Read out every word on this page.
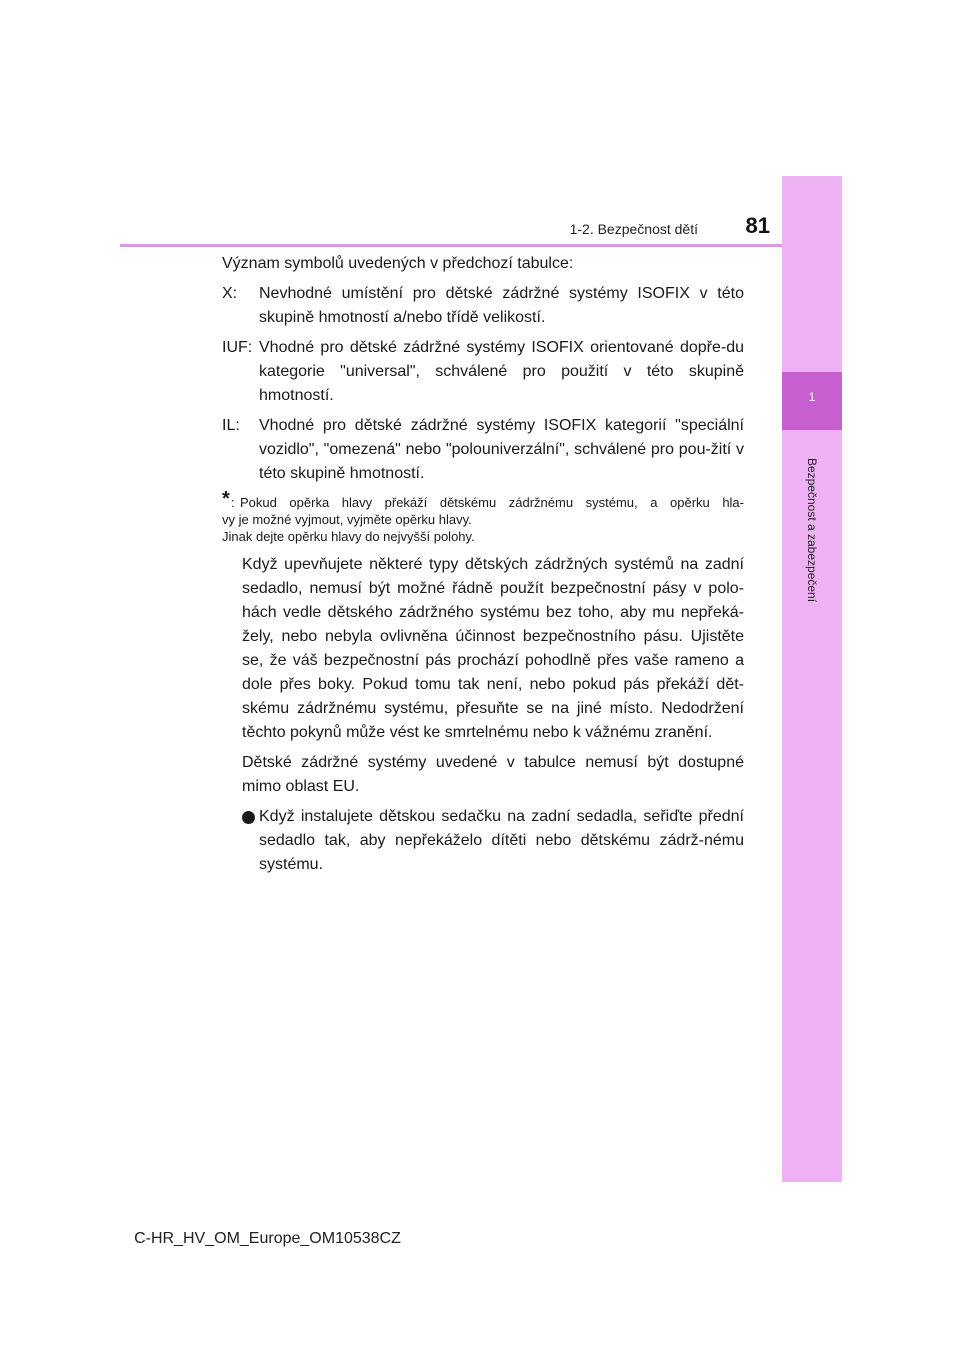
1-2. Bezpečnost dětí 81
1
Bezpečnost a zabezpečení

Význam symbolů uvedených v předchozí tabulce:

X: Nevhodné umístění pro dětské zádržné systémy ISOFIX v této skupině hmotností a/nebo třídě velikostí.
IUF: Vhodné pro dětské zádržné systémy ISOFIX orientované dopře-du kategorie "universal", schválené pro použití v této skupině hmotností.
IL: Vhodné pro dětské zádržné systémy ISOFIX kategorií "speciální vozidlo", "omezená" nebo "polouniverzální", schválené pro pou-žití v této skupině hmotností.
* : Pokud opěrka hlavy překáží dětskému zádržnému systému, a opěrku hla-
vy je možné vyjmout, vyjměte opěrku hlavy.
Jinak dejte opěrku hlavy do nejvyšší polohy.

Když upevňujete některé typy dětských zádržných systémů na zadní sedadlo, nemusí být možné řádně použít bezpečnostní pásy v polo-hách vedle dětského zádržného systému bez toho, aby mu nepřeká-žely, nebo nebyla ovlivněna účinnost bezpečnostního pásu. Ujistěte se, že váš bezpečnostní pás prochází pohodlně přes vaše rameno a dole přes boky. Pokud tomu tak není, nebo pokud pás překáží dět-skému zádržnému systému, přesuňte se na jiné místo. Nedodržení těchto pokynů může vést ke smrtelnému nebo k vážnému zranění.

Dětské zádržné systémy uvedené v tabulce nemusí být dostupné mimo oblast EU.

Když instalujete dětskou sedačku na zadní sedadla, seřiďte přední sedadlo tak, aby nepřekáželo dítěti nebo dětskému zádrž-nému systému.
C-HR_HV_OM_Europe_OM10538CZ
